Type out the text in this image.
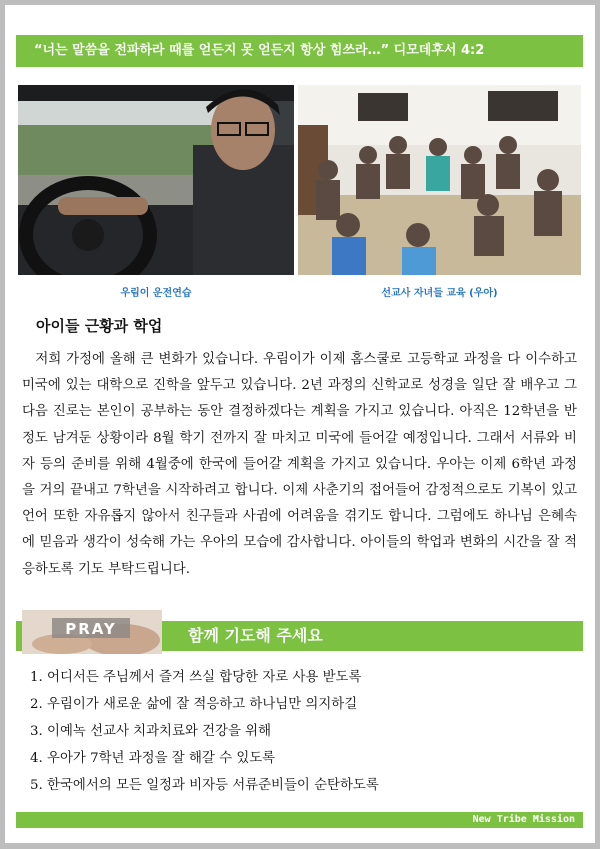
“너는 말씀을 전파하라 때를 얻든지 못 얻든지 항상 힘쓰라…” 디모데후서 4:2
우림이 운전연습	선교사 자녀들 교육 (우아)
아이들 근황과 학업

저희 가정에 올해 큰 변화가 있습니다. 우림이가 이제 홈스쿨로 고등학교 과정을 다 이수하고 미국에 있는 대학으로 진학을 앞두고 있습니다. 2년 과정의 신학교로 성경을 일단 잘 배우고 그 다음 진로는 본인이 공부하는 동안 결정하겠다는 계획을 가지고 있습니다. 아직은 12학년을 반정도 남겨둔 상황이라 8월 학기 전까지 잘 마치고 미국에 들어갈 예정입니다. 그래서 서류와 비자 등의 준비를 위해 4월중에 한국에 들어갈 계획을 가지고 있습니다. 우아는 이제 6학년 과정을 거의 끝내고 7학년을 시작하려고 합니다. 이제 사춘기의 접어들어 감정적으로도 기복이 있고 언어 또한 자유롭지 않아서 친구들과 사귐에 어려움을 겪기도 합니다. 그럼에도 하나님 은혜속에 믿음과 생각이 성숙해 가는 우아의 모습에 감사합니다. 아이들의 학업과 변화의 시간을 잘 적응하도록 기도 부탁드립니다.

PRAY	함께 기도해 주세요
1. 어디서든 주님께서 즐겨 쓰실 합당한 자로 사용 받도록
2. 우림이가 새로운 삶에 잘 적응하고 하나님만 의지하길
3. 이예녹 선교사 치과치료와 건강을 위해
4. 우아가 7학년 과정을 잘 해갈 수 있도록
5. 한국에서의 모든 일정과 비자등 서류준비들이 순탄하도록
New Tribe Mission
